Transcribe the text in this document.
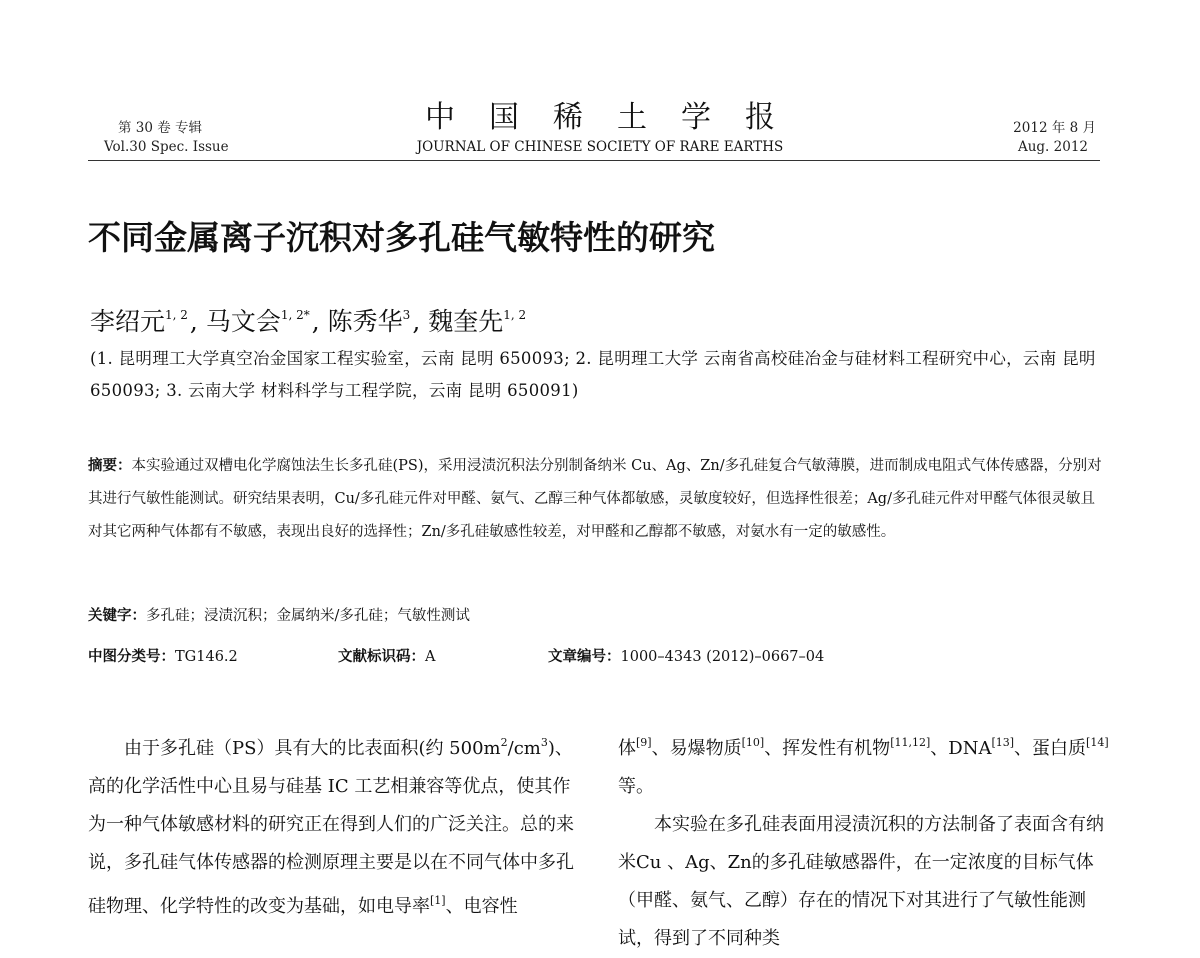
第 30 卷 专辑
Vol.30 Spec. Issue
中国稀土学报
JOURNAL OF CHINESE SOCIETY OF RARE EARTHS
2012 年 8 月
Aug. 2012
不同金属离子沉积对多孔硅气敏特性的研究
李绍元$^{1, 2}$, 马文会$^{1, 2*}$, 陈秀华$^3$, 魏奎先$^{1, 2}$
(1. 昆明理工大学真空冶金国家工程实验室，云南 昆明 650093; 2. 昆明理工大学 云南省高校硅冶金与硅材料工程研究中心，云南 昆明 650093; 3. 云南大学 材料科学与工程学院，云南 昆明 650091)
摘要：本实验通过双槽电化学腐蚀法生长多孔硅(PS)，采用浸渍沉积法分别制备纳米 Cu、Ag、Zn/多孔硅复合气敏薄膜，进而制成电阻式气体传感器，分别对其进行气敏性能测试。研究结果表明，Cu/多孔硅元件对甲醛、氨气、乙醇三种气体都敏感，灵敏度较好，但选择性很差；Ag/多孔硅元件对甲醛气体很灵敏且对其它两种气体都有不敏感，表现出良好的选择性；Zn/多孔硅敏感性较差，对甲醛和乙醇都不敏感，对氨水有一定的敏感性。
关键字：多孔硅；浸渍沉积；金属纳米/多孔硅；气敏性测试
中图分类号：TG146.2	文献标识码：A	文章编号：1000–4343 (2012)–0667–04

由于多孔硅（PS）具有大的比表面积(约 500m$^2$/cm$^3$)、高的化学活性中心且易与硅基 IC 工艺相兼容等优点，使其作为一种气体敏感材料的研究正在得到人们的广泛关注。总的来说，多孔硅气体传感器的检测原理主要是以在不同气体中多孔硅物理、化学特性的改变为基础，如电导率[1]、电容性

体[9]、易爆物质[10]、挥发性有机物[11,12]、DNA[13]、蛋白质[14]等。

本实验在多孔硅表面用浸渍沉积的方法制备了表面含有纳米Cu 、Ag、Zn的多孔硅敏感器件，在一定浓度的目标气体（甲醛、氨气、乙醇）存在的情况下对其进行了气敏性能测试，得到了不同种类
